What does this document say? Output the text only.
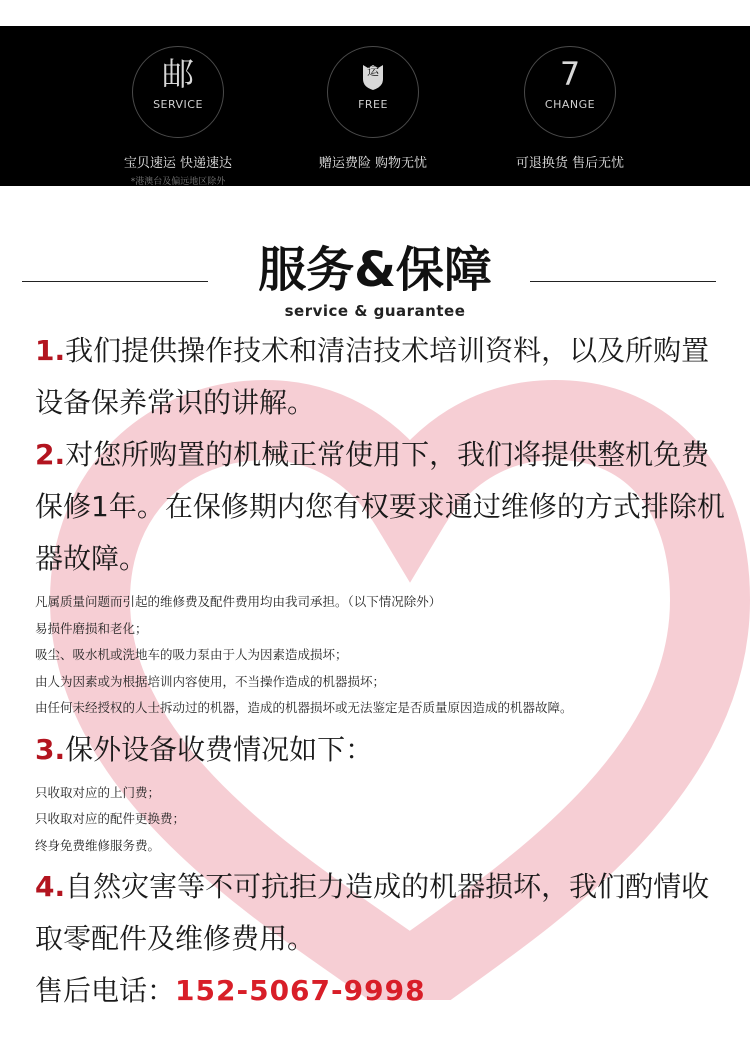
邮
SERVICE
宝贝速运 快递速达
*港澳台及偏远地区除外
运
FREE
赠运费险 购物无忧
7
CHANGE
可退换货 售后无忧
服务&保障
service & guarantee

1.我们提供操作技术和清洁技术培训资料，以及所购置设备保养常识的讲解。

2.对您所购置的机械正常使用下，我们将提供整机免费保修1年。在保修期内您有权要求通过维修的方式排除机器故障。

凡属质量问题而引起的维修费及配件费用均由我司承担。（以下情况除外）

易损件磨损和老化；

吸尘、吸水机或洗地车的吸力泵由于人为因素造成损坏；

由人为因素或为根据培训内容使用，不当操作造成的机器损坏；

由任何未经授权的人士拆动过的机器，造成的机器损坏或无法鉴定是否质量原因造成的机器故障。

3.保外设备收费情况如下：

只收取对应的上门费；

只收取对应的配件更换费；

终身免费维修服务费。

4.自然灾害等不可抗拒力造成的机器损坏，我们酌情收取零配件及维修费用。

售后电话：152-5067-9998
